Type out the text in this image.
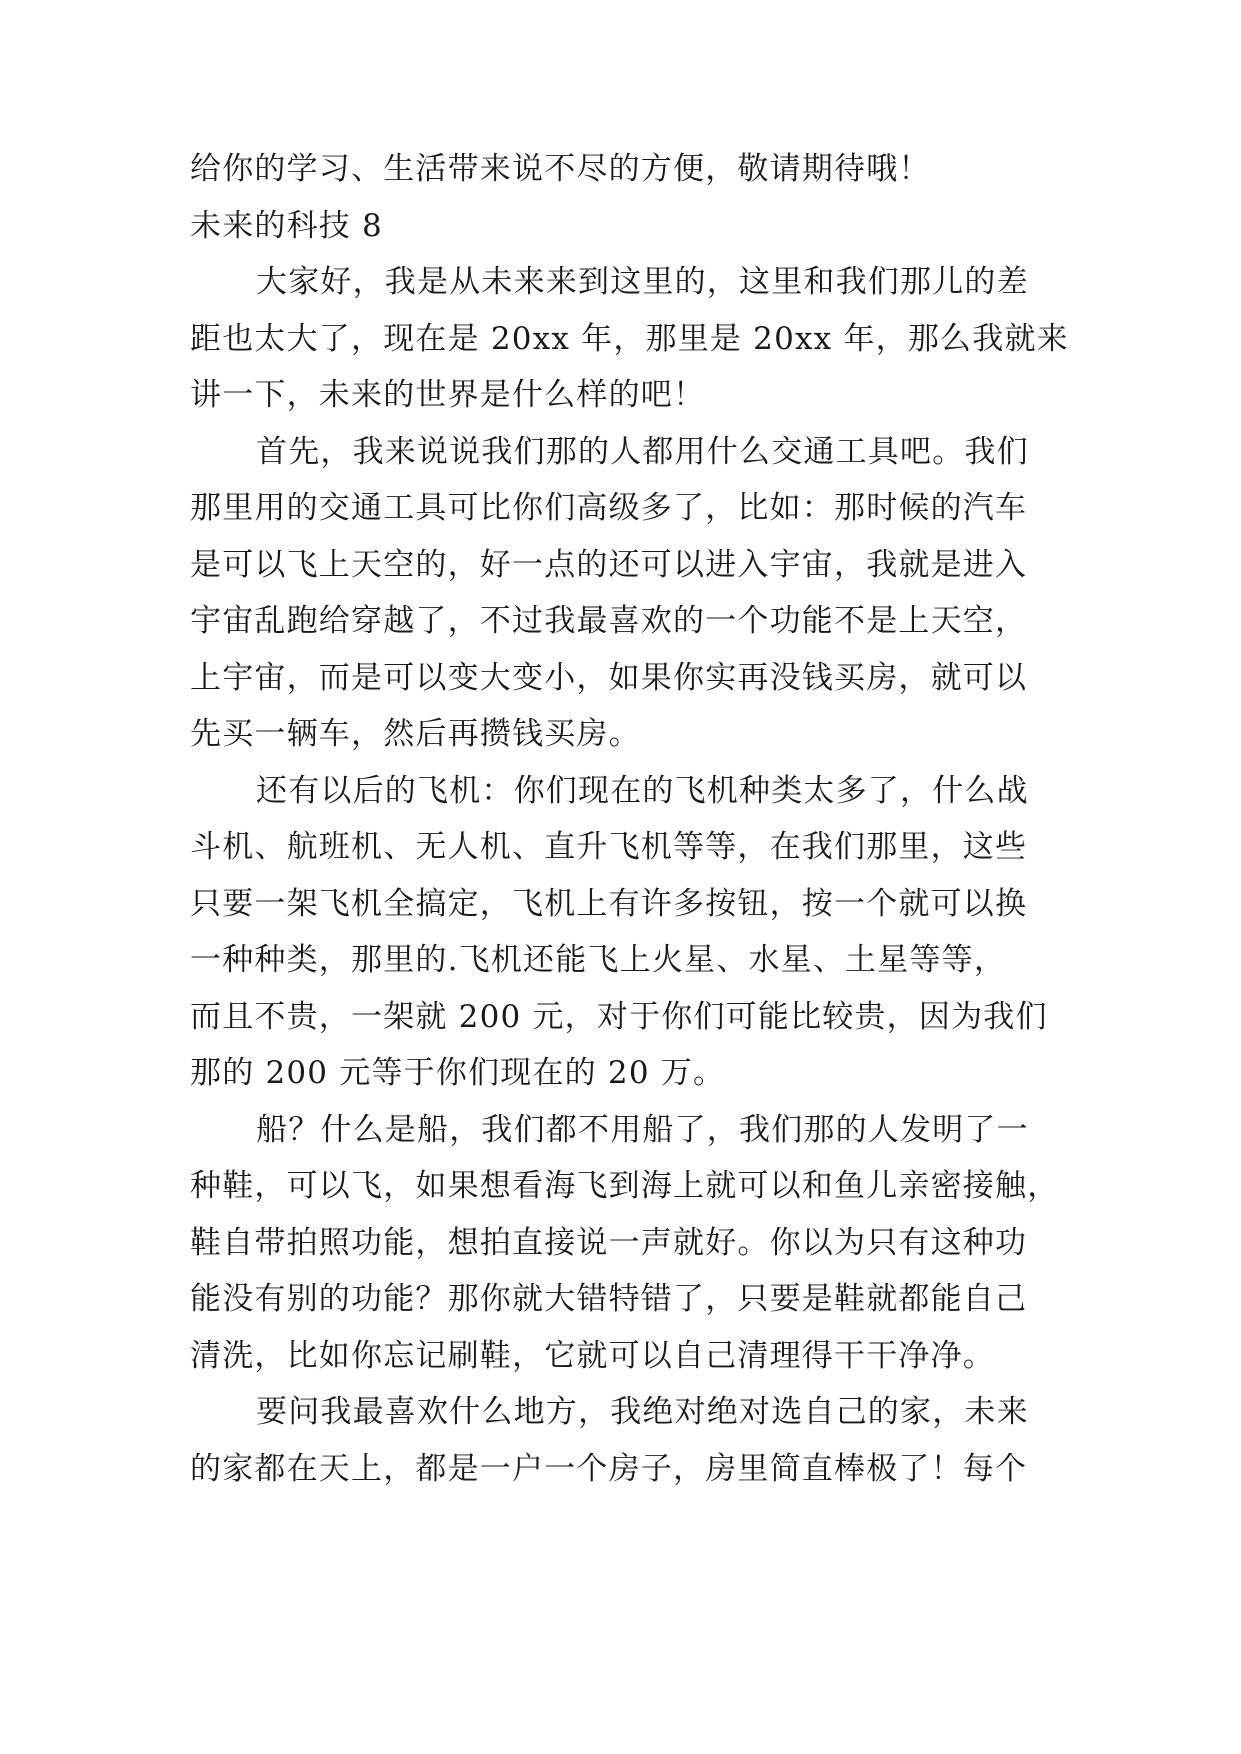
给你的学习、生活带来说不尽的方便，敬请期待哦！
未来的科技 8
大家好，我是从未来来到这里的，这里和我们那儿的差
距也太大了，现在是 20xx 年，那里是 20xx 年，那么我就来
讲一下，未来的世界是什么样的吧！
首先，我来说说我们那的人都用什么交通工具吧。我们
那里用的交通工具可比你们高级多了，比如：那时候的汽车
是可以飞上天空的，好一点的还可以进入宇宙，我就是进入
宇宙乱跑给穿越了，不过我最喜欢的一个功能不是上天空，
上宇宙，而是可以变大变小，如果你实再没钱买房，就可以
先买一辆车，然后再攒钱买房。
还有以后的飞机：你们现在的飞机种类太多了，什么战
斗机、航班机、无人机、直升飞机等等，在我们那里，这些
只要一架飞机全搞定，飞机上有许多按钮，按一个就可以换
一种种类，那里的.飞机还能飞上火星、水星、土星等等，
而且不贵，一架就 200 元，对于你们可能比较贵，因为我们
那的 200 元等于你们现在的 20 万。
船？什么是船，我们都不用船了，我们那的人发明了一
种鞋，可以飞，如果想看海飞到海上就可以和鱼儿亲密接触，
鞋自带拍照功能，想拍直接说一声就好。你以为只有这种功
能没有别的功能？那你就大错特错了，只要是鞋就都能自己
清洗，比如你忘记刷鞋，它就可以自己清理得干干净净。
要问我最喜欢什么地方，我绝对绝对选自己的家，未来
的家都在天上，都是一户一个房子，房里简直棒极了！每个
